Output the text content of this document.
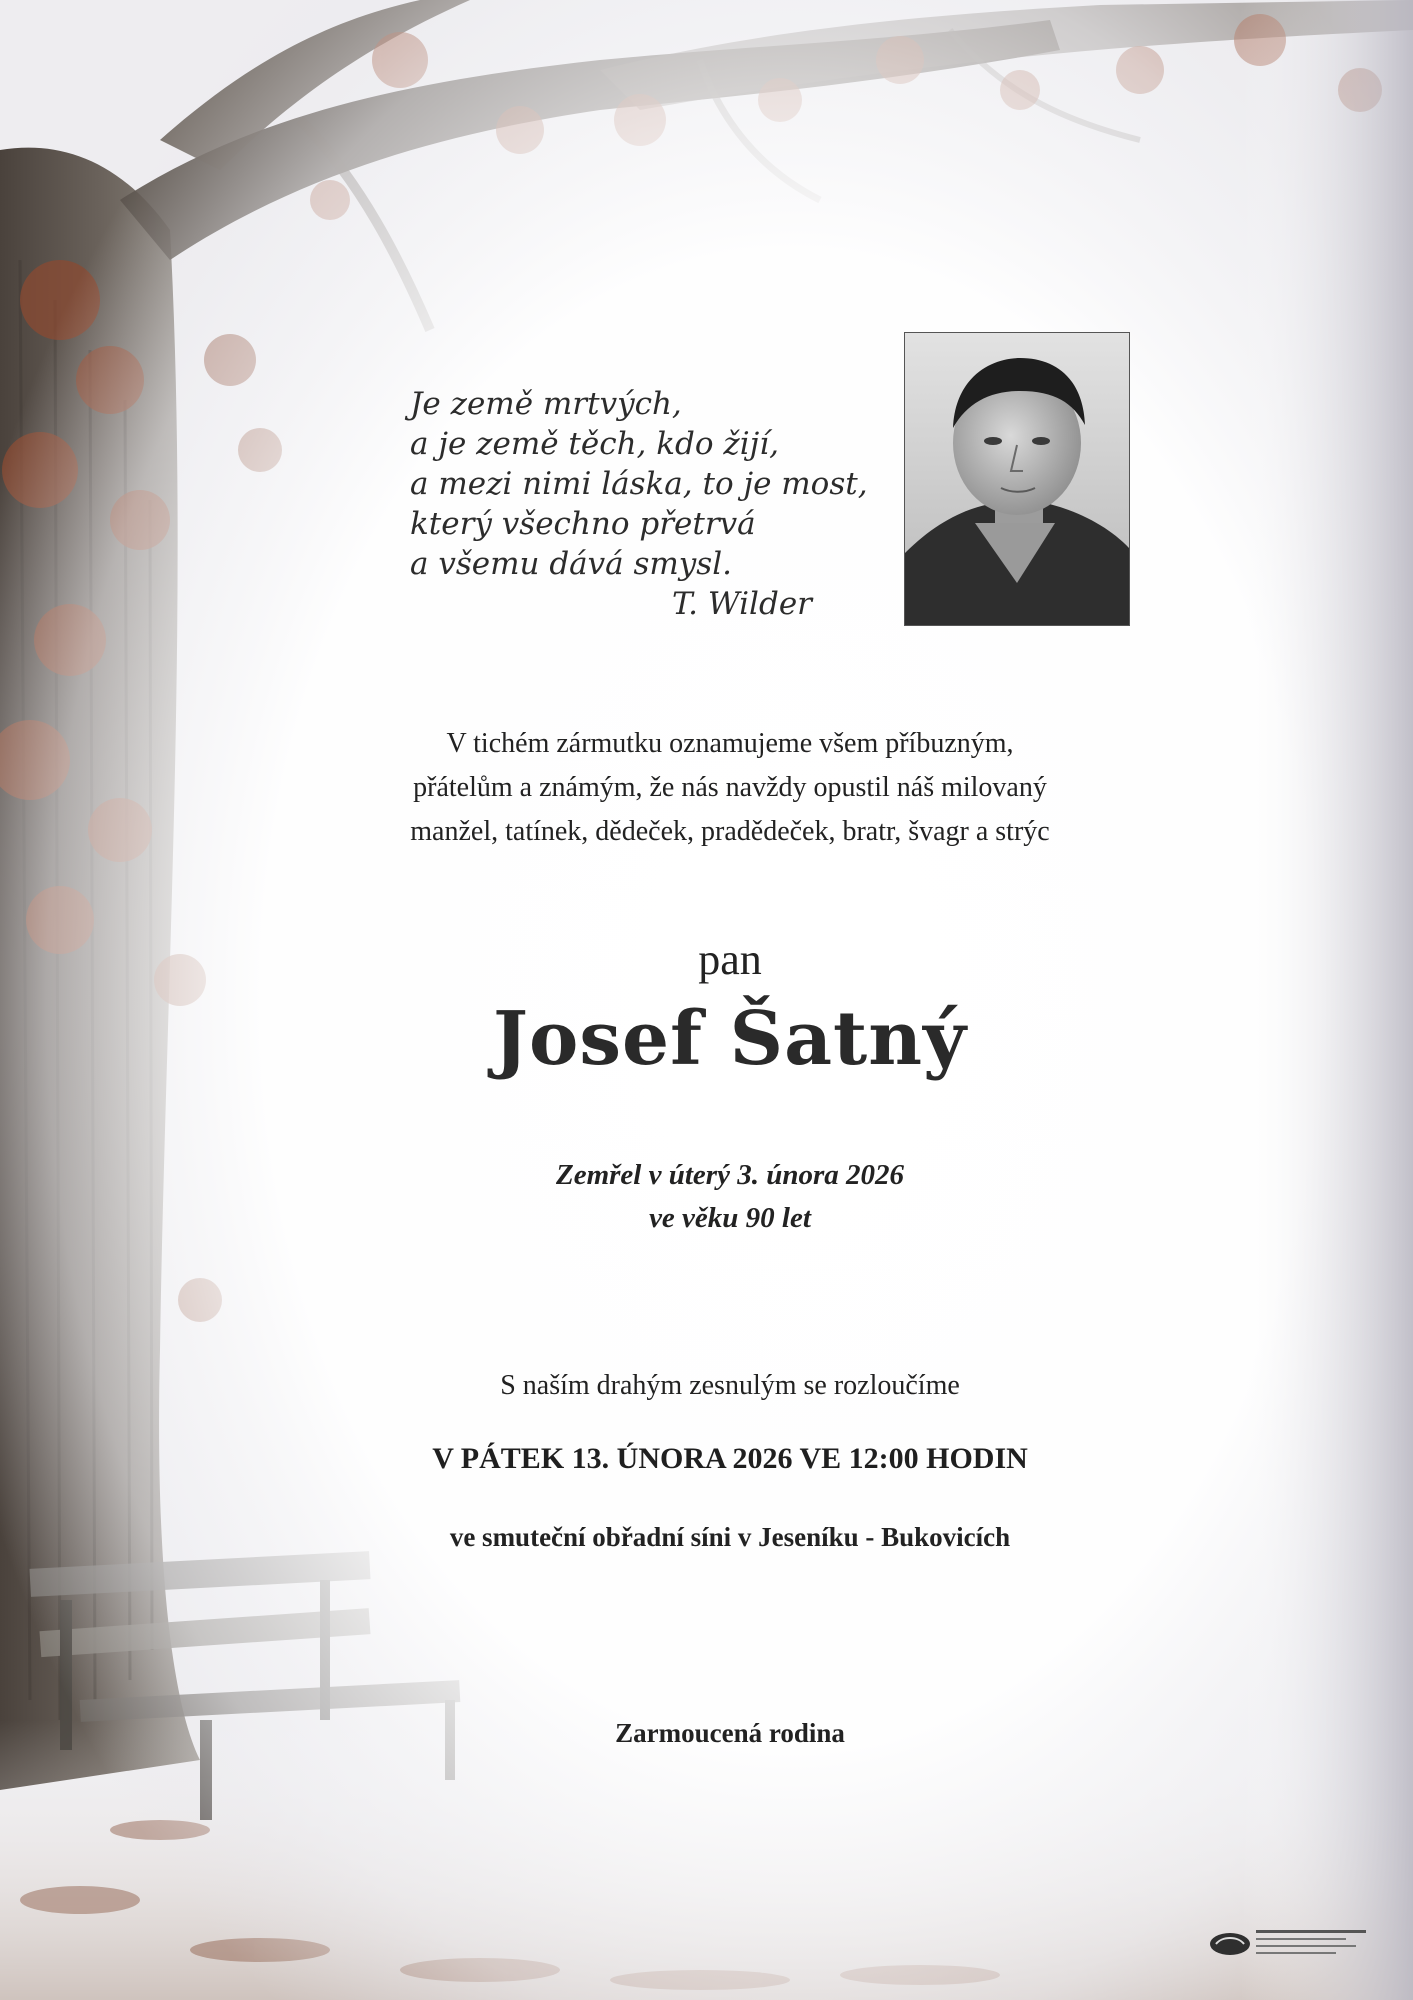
Je země mrtvých,
a je země těch, kdo žijí,
a mezi nimi láska, to je most,
který všechno přetrvá
a všemu dává smysl.
T. Wilder
V tichém zármutku oznamujeme všem příbuzným,
přátelům a známým, že nás navždy opustil náš milovaný
manžel, tatínek, dědeček, pradědeček, bratr, švagr a strýc
pan
Josef Šatný
Zemřel v úterý 3. února 2026
ve věku 90 let
S naším drahým zesnulým se rozloučíme
V PÁTEK 13. ÚNORA 2026 VE 12:00 HODIN
ve smuteční obřadní síni v Jeseníku - Bukovicích
Zarmoucená rodina
